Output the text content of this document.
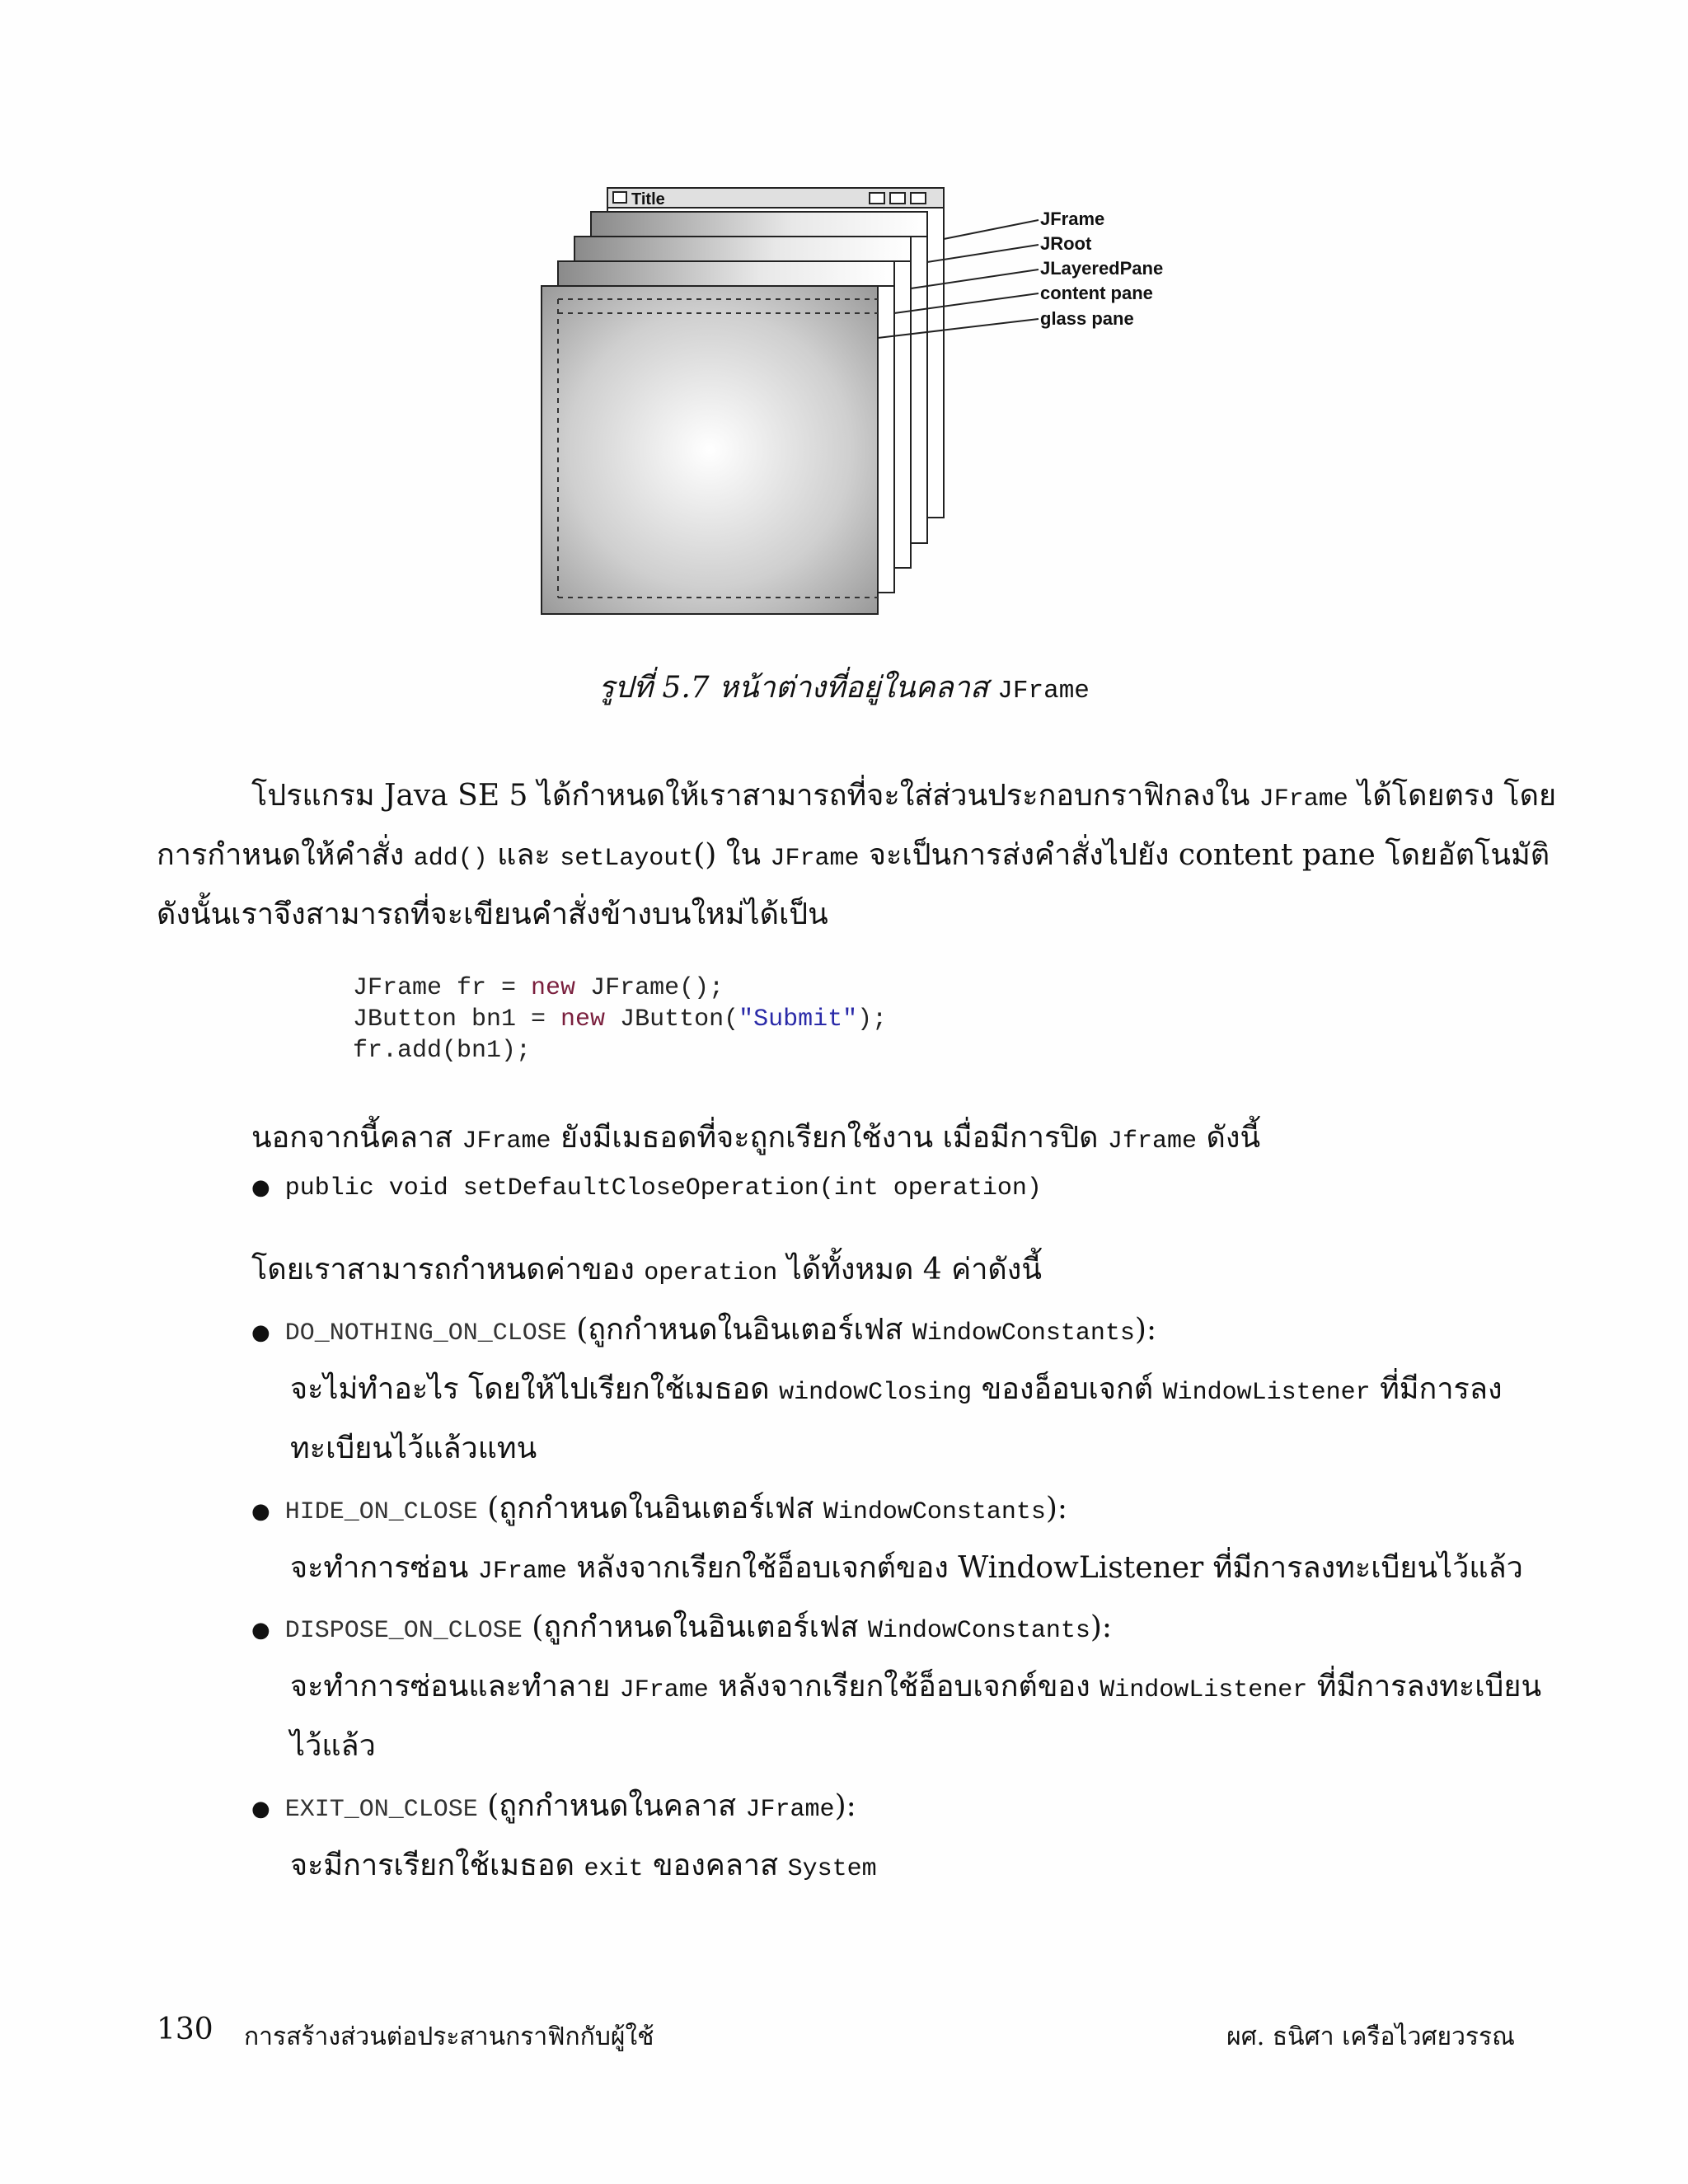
Title
JFrame
JRoot
JLayeredPane
content pane
glass pane
รูปที่ 5.7 หน้าต่างที่อยู่ในคลาส JFrame
โปรแกรม Java SE 5 ได้กำหนดให้เราสามารถที่จะใส่ส่วนประกอบกราฟิกลงใน JFrame ได้โดยตรง โดย
การกำหนดให้คำสั่ง add() และ setLayout() ใน JFrame จะเป็นการส่งคำสั่งไปยัง content pane โดยอัตโนมัติ
ดังนั้นเราจึงสามารถที่จะเขียนคำสั่งข้างบนใหม่ได้เป็น
JFrame fr = new JFrame();
JButton bn1 = new JButton("Submit");
fr.add(bn1);
นอกจากนี้คลาส JFrame ยังมีเมธอดที่จะถูกเรียกใช้งาน เมื่อมีการปิด Jframe ดังนี้
● public void setDefaultCloseOperation(int operation)
โดยเราสามารถกำหนดค่าของ operation ได้ทั้งหมด 4 ค่าดังนี้
● DO_NOTHING_ON_CLOSE (ถูกกำหนดในอินเตอร์เฟส WindowConstants):
จะไม่ทำอะไร โดยให้ไปเรียกใช้เมธอด windowClosing ของอ็อบเจกต์ WindowListener ที่มีการลง
ทะเบียนไว้แล้วแทน
● HIDE_ON_CLOSE (ถูกกำหนดในอินเตอร์เฟส WindowConstants):
จะทำการซ่อน JFrame หลังจากเรียกใช้อ็อบเจกต์ของ WindowListener ที่มีการลงทะเบียนไว้แล้ว
● DISPOSE_ON_CLOSE (ถูกกำหนดในอินเตอร์เฟส WindowConstants):
จะทำการซ่อนและทำลาย JFrame หลังจากเรียกใช้อ็อบเจกต์ของ WindowListener ที่มีการลงทะเบียน
ไว้แล้ว
● EXIT_ON_CLOSE (ถูกกำหนดในคลาส JFrame):
จะมีการเรียกใช้เมธอด exit ของคลาส System
130 การสร้างส่วนต่อประสานกราฟิกกับผู้ใช้	ผศ. ธนิศา เครือไวศยวรรณ
